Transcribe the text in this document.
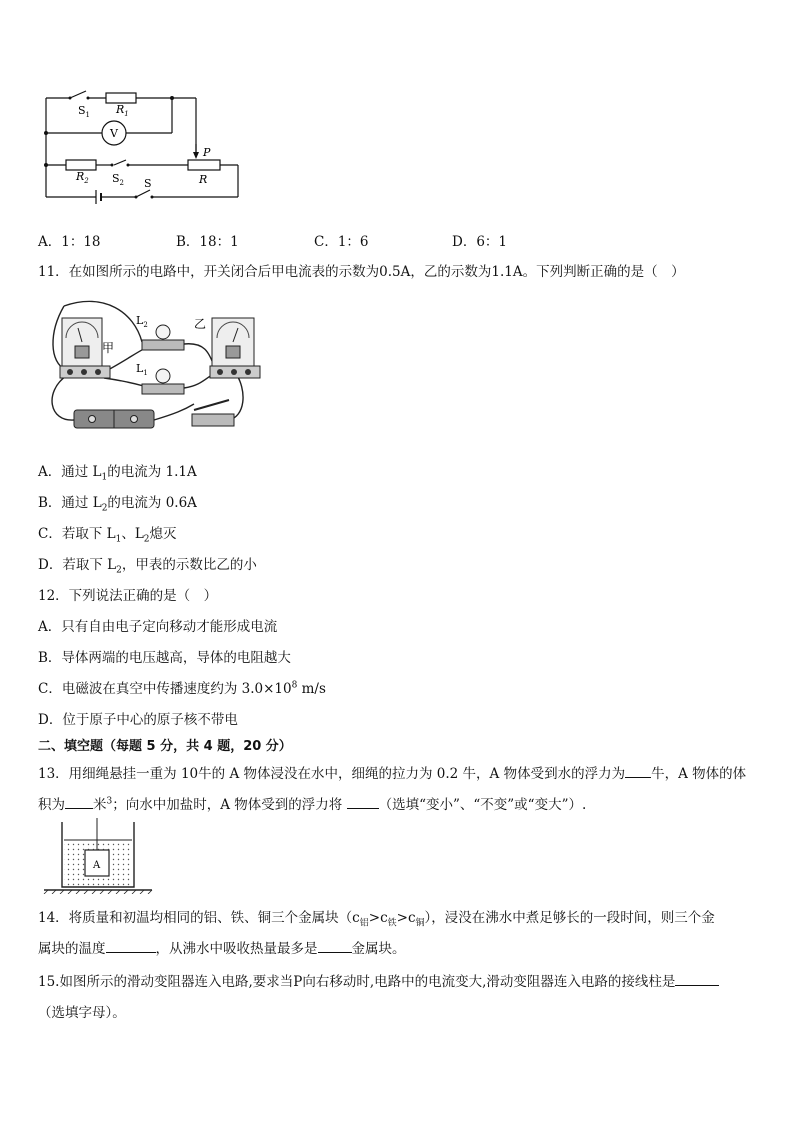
$S_1$ $R_1$
V
P
R
$R_2$ $S_2$ S
A．1：18	B．18：1	C．1：6	D．6：1
11．在如图所示的电路中，开关闭合后甲电流表的示数为0.5A，乙的示数为1.1A。下列判断正确的是（　）
$L_2$
$L_1$
甲
乙
A．通过 $L_1$的电流为 1.1A
B．通过 $L_2$的电流为 0.6A
C．若取下 $L_1$、$L_2$熄灭
D．若取下 $L_2$，甲表的示数比乙的小
12．下列说法正确的是（　）
A．只有自由电子定向移动才能形成电流
B．导体两端的电压越高，导体的电阻越大
C．电磁波在真空中传播速度约为 $3.0\times 10^8$ m/s
D．位于原子中心的原子核不带电
二、填空题（每题 5 分，共 4 题，20 分）
13．用细绳悬挂一重为 10牛的 A 物体浸没在水中，细绳的拉力为 0.2 牛，A 物体受到水的浮力为 牛，A 物体的体
积为 米$^3$；向水中加盐时，A 物体受到的浮力将	（选填“变小”、“不变”或“变大”）.
A
14．将质量和初温均相同的铝、铁、铜三个金属块$(c_铝>c_铁>c_铜)$，浸没在沸水中煮足够长的一段时间，则三个金
属块的温度	，从沸水中吸收热量最多是	金属块。
15.如图所示的滑动变阻器连入电路,要求当P向右移动时,电路中的电流变大,滑动变阻器连入电路的接线柱是
（选填字母）。
